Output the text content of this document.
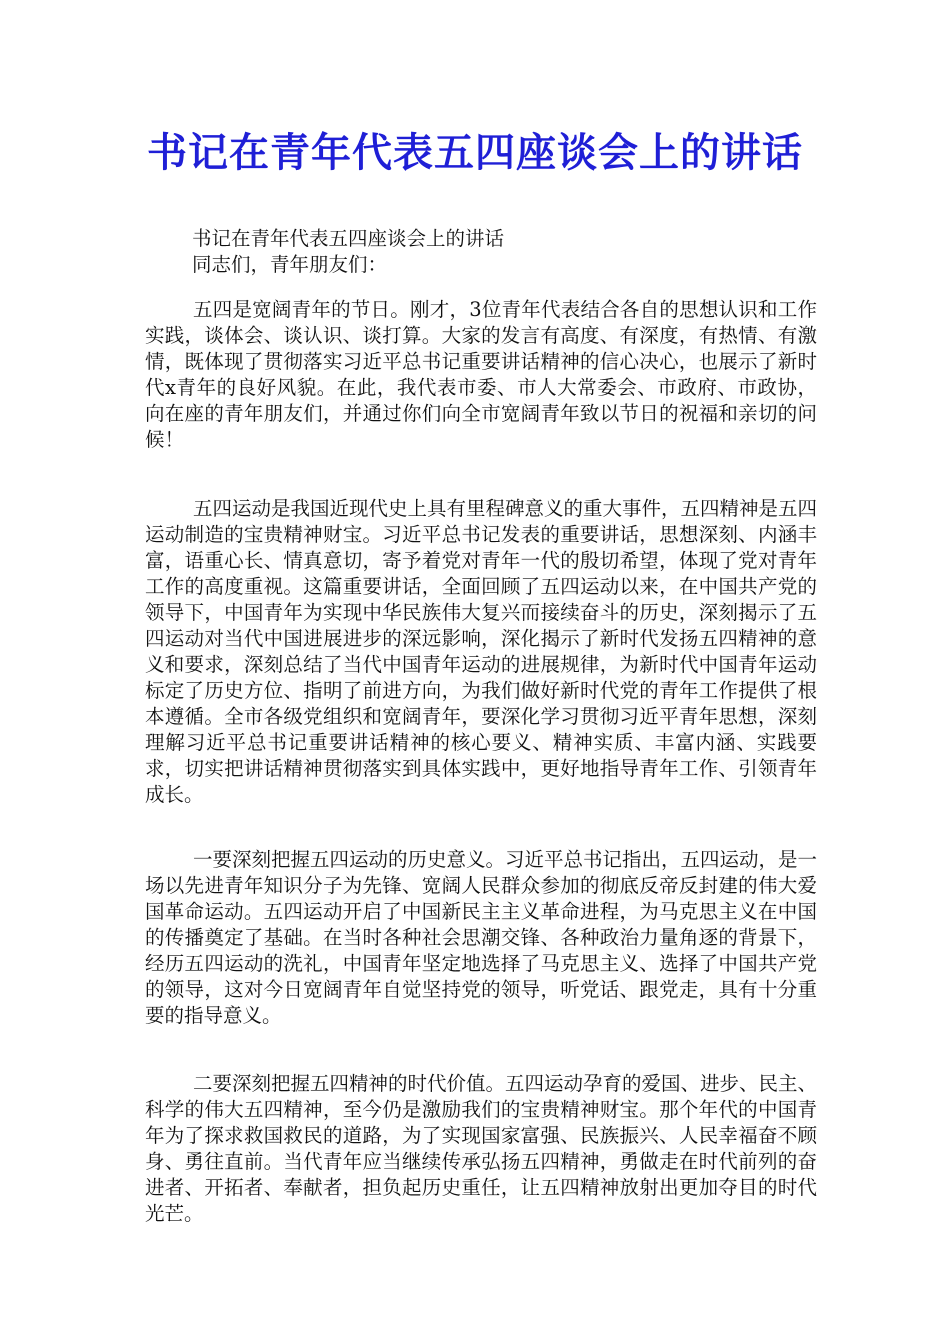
书记在青年代表五四座谈会上的讲话
书记在青年代表五四座谈会上的讲话
同志们，青年朋友们：

五四是宽阔青年的节日。刚才，3位青年代表结合各自的思想认识和工作实践，谈体会、谈认识、谈打算。大家的发言有高度、有深度，有热情、有激情，既体现了贯彻落实习近平总书记重要讲话精神的信心决心，也展示了新时代x青年的良好风貌。在此，我代表市委、市人大常委会、市政府、市政协，向在座的青年朋友们，并通过你们向全市宽阔青年致以节日的祝福和亲切的问候！

五四运动是我国近现代史上具有里程碑意义的重大事件，五四精神是五四运动制造的宝贵精神财宝。习近平总书记发表的重要讲话，思想深刻、内涵丰富，语重心长、情真意切，寄予着党对青年一代的殷切希望，体现了党对青年工作的高度重视。这篇重要讲话，全面回顾了五四运动以来，在中国共产党的领导下，中国青年为实现中华民族伟大复兴而接续奋斗的历史，深刻揭示了五四运动对当代中国进展进步的深远影响，深化揭示了新时代发扬五四精神的意义和要求，深刻总结了当代中国青年运动的进展规律，为新时代中国青年运动标定了历史方位、指明了前进方向，为我们做好新时代党的青年工作提供了根本遵循。全市各级党组织和宽阔青年，要深化学习贯彻习近平青年思想，深刻理解习近平总书记重要讲话精神的核心要义、精神实质、丰富内涵、实践要求，切实把讲话精神贯彻落实到具体实践中，更好地指导青年工作、引领青年成长。

一要深刻把握五四运动的历史意义。习近平总书记指出，五四运动，是一场以先进青年知识分子为先锋、宽阔人民群众参加的彻底反帝反封建的伟大爱国革命运动。五四运动开启了中国新民主主义革命进程，为马克思主义在中国的传播奠定了基础。在当时各种社会思潮交锋、各种政治力量角逐的背景下，经历五四运动的洗礼，中国青年坚定地选择了马克思主义、选择了中国共产党的领导，这对今日宽阔青年自觉坚持党的领导，听党话、跟党走，具有十分重要的指导意义。

二要深刻把握五四精神的时代价值。五四运动孕育的爱国、进步、民主、科学的伟大五四精神，至今仍是激励我们的宝贵精神财宝。那个年代的中国青年为了探求救国救民的道路，为了实现国家富强、民族振兴、人民幸福奋不顾身、勇往直前。当代青年应当继续传承弘扬五四精神，勇做走在时代前列的奋进者、开拓者、奉献者，担负起历史重任，让五四精神放射出更加夺目的时代光芒。
